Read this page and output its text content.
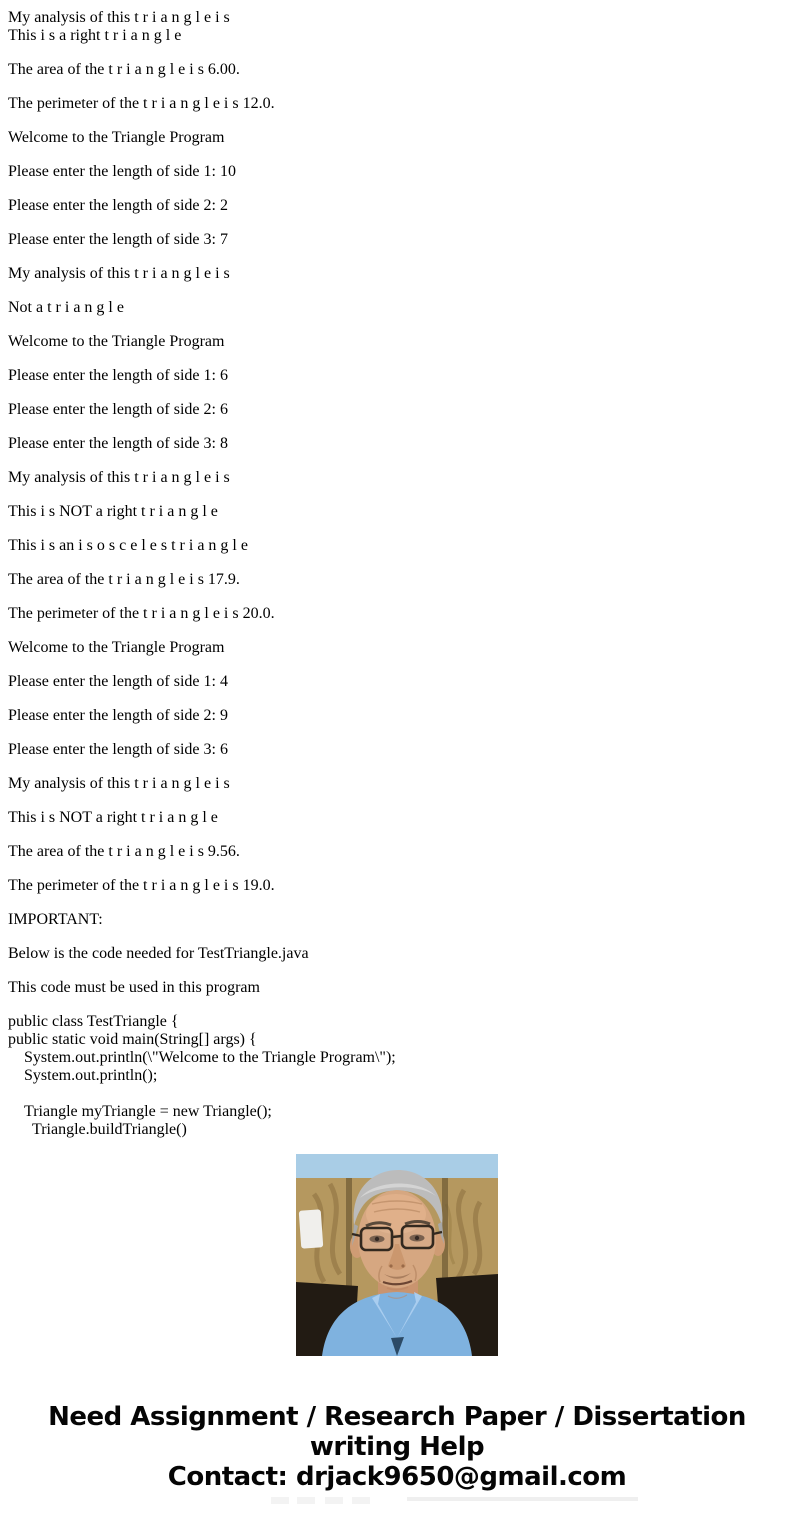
My analysis of this t r i a n g l e i s
This i s a right t r i a n g l e

The area of the t r i a n g l e i s 6.00.

The perimeter of the t r i a n g l e i s 12.0.

Welcome to the Triangle Program

Please enter the length of side 1: 10

Please enter the length of side 2: 2

Please enter the length of side 3: 7

My analysis of this t r i a n g l e i s

Not a t r i a n g l e

Welcome to the Triangle Program

Please enter the length of side 1: 6

Please enter the length of side 2: 6

Please enter the length of side 3: 8

My analysis of this t r i a n g l e i s

This i s NOT a right t r i a n g l e

This i s an i s o s c e l e s t r i a n g l e

The area of the t r i a n g l e i s 17.9.

The perimeter of the t r i a n g l e i s 20.0.

Welcome to the Triangle Program

Please enter the length of side 1: 4

Please enter the length of side 2: 9

Please enter the length of side 3: 6

My analysis of this t r i a n g l e i s

This i s NOT a right t r i a n g l e

The area of the t r i a n g l e i s 9.56.

The perimeter of the t r i a n g l e i s 19.0.

IMPORTANT:

Below is the code needed for TestTriangle.java

This code must be used in this program

public class TestTriangle {
public static void main(String[] args) {
System.out.println(\"Welcome to the Triangle Program\");
System.out.println();
Triangle myTriangle = new Triangle();
Triangle.buildTriangle()

Need Assignment / Research Paper / Dissertation
writing Help
Contact: drjack9650@gmail.com
